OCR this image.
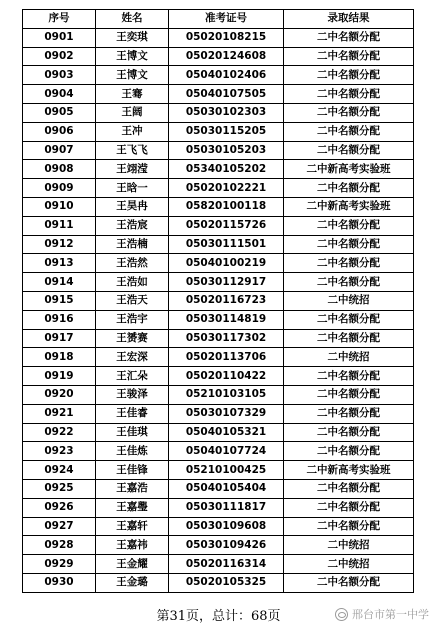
序号	姓名	准考证号	录取结果
0901	王奕琪	05020108215	二中名额分配
0902	王博文	05020124608	二中名额分配
0903	王博文	05040102406	二中名额分配
0904	王骞	05040107505	二中名额分配
0905	王阔	05030102303	二中名额分配
0906	王冲	05030115205	二中名额分配
0907	王飞飞	05030105203	二中名额分配
0908	王翊滢	05340105202	二中新高考实验班
0909	王晗一	05020102221	二中名额分配
0910	王昊冉	05820100118	二中新高考实验班
0911	王浩宸	05020115726	二中名额分配
0912	王浩楠	05030111501	二中名额分配
0913	王浩然	05040100219	二中名额分配
0914	王浩如	05030112917	二中名额分配
0915	王浩天	05020116723	二中统招
0916	王浩宇	05030114819	二中名额分配
0917	王赟赛	05030117302	二中名额分配
0918	王宏深	05020113706	二中统招
0919	王汇朵	05020110422	二中名额分配
0920	王骏泽	05210103105	二中名额分配
0921	王佳睿	05030107329	二中名额分配
0922	王佳琪	05040105321	二中名额分配
0923	王佳炼	05040107724	二中名额分配
0924	王佳锋	05210100425	二中新高考实验班
0925	王嘉浩	05040105404	二中名额分配
0926	王嘉璺	05030111817	二中名额分配
0927	王嘉轩	05030109608	二中名额分配
0928	王嘉祎	05030109426	二中统招
0929	王金耀	05020116314	二中统招
0930	王金璐	05020105325	二中名额分配
第31页，总计：68页	邢台市第一中学
